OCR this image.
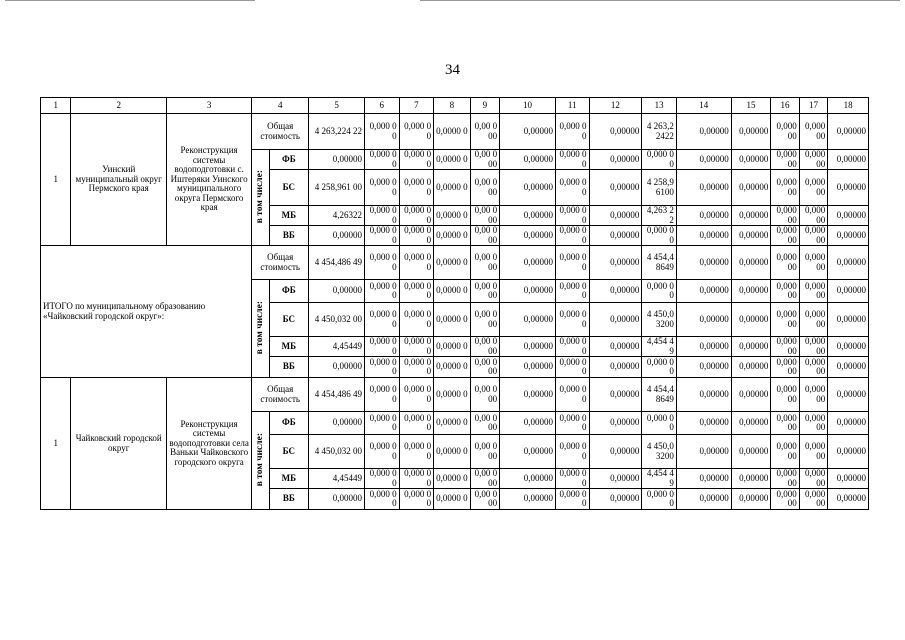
34
1	2	3	4		5	6	7	8	9	10	11	12	13	14	15	16	17	18
1	Уинский муниципальный округ Пермского края	Реконструкция системы водоподготовки с. Иштеряки Уинского муниципального округа Пермского края	Общая стоимость		4 263,224 22	0,000 00	0,000 00	0,0000 0	0,00 000	0,00000	0,000 00	0,00000	4 263,2 2422	0,00000	0,00000	0,000 00	0,000 00	0,00000
			в том числе:	ФБ	0,00000	0,000 00	0,000 00	0,0000 0	0,00 000	0,00000	0,000 00	0,00000	0,000 00	0,00000	0,00000	0,000 00	0,000 00	0,00000
				БС	4 258,961 00	0,000 00	0,000 00	0,0000 0	0,00 000	0,00000	0,000 00	0,00000	4 258,9 6100	0,00000	0,00000	0,000 00	0,000 00	0,00000
				МБ	4,26322	0,000 00	0,000 00	0,0000 0	0,00 000	0,00000	0,000 00	0,00000	4,263 22	0,00000	0,00000	0,000 00	0,000 00	0,00000
				ВБ	0,00000	0,000 00	0,000 00	0,0000 0	0,00 000	0,00000	0,000 00	0,00000	0,000 00	0,00000	0,00000	0,000 00	0,000 00	0,00000
ИТОГО по муниципальному образованию «Чайковский городской округ»:			Общая стоимость		4 454,486 49	0,000 00	0,000 00	0,0000 0	0,00 000	0,00000	0,000 00	0,00000	4 454,4 8649	0,00000	0,00000	0,000 00	0,000 00	0,00000
			в том числе:	ФБ	0,00000	0,000 00	0,000 00	0,0000 0	0,00 000	0,00000	0,000 00	0,00000	0,000 00	0,00000	0,00000	0,000 00	0,000 00	0,00000
				БС	4 450,032 00	0,000 00	0,000 00	0,0000 0	0,00 000	0,00000	0,000 00	0,00000	4 450,0 3200	0,00000	0,00000	0,000 00	0,000 00	0,00000
				МБ	4,45449	0,000 00	0,000 00	0,0000 0	0,00 000	0,00000	0,000 00	0,00000	4,454 49	0,00000	0,00000	0,000 00	0,000 00	0,00000
				ВБ	0,00000	0,000 00	0,000 00	0,0000 0	0,00 000	0,00000	0,000 00	0,00000	0,000 00	0,00000	0,00000	0,000 00	0,000 00	0,00000
1	Чайковский городской округ	Реконструкция системы водоподготовки села Ваньки Чайковского городского округа	Общая стоимость		4 454,486 49	0,000 00	0,000 00	0,0000 0	0,00 000	0,00000	0,000 00	0,00000	4 454,4 8649	0,00000	0,00000	0,000 00	0,000 00	0,00000
			в том числе:	ФБ	0,00000	0,000 00	0,000 00	0,0000 0	0,00 000	0,00000	0,000 00	0,00000	0,000 00	0,00000	0,00000	0,000 00	0,000 00	0,00000
				БС	4 450,032 00	0,000 00	0,000 00	0,0000 0	0,00 000	0,00000	0,000 00	0,00000	4 450,0 3200	0,00000	0,00000	0,000 00	0,000 00	0,00000
				МБ	4,45449	0,000 00	0,000 00	0,0000 0	0,00 000	0,00000	0,000 00	0,00000	4,454 49	0,00000	0,00000	0,000 00	0,000 00	0,00000
				ВБ	0,00000	0,000 00	0,000 00	0,0000 0	0,00 000	0,00000	0,000 00	0,00000	0,000 00	0,00000	0,00000	0,000 00	0,000 00	0,00000
